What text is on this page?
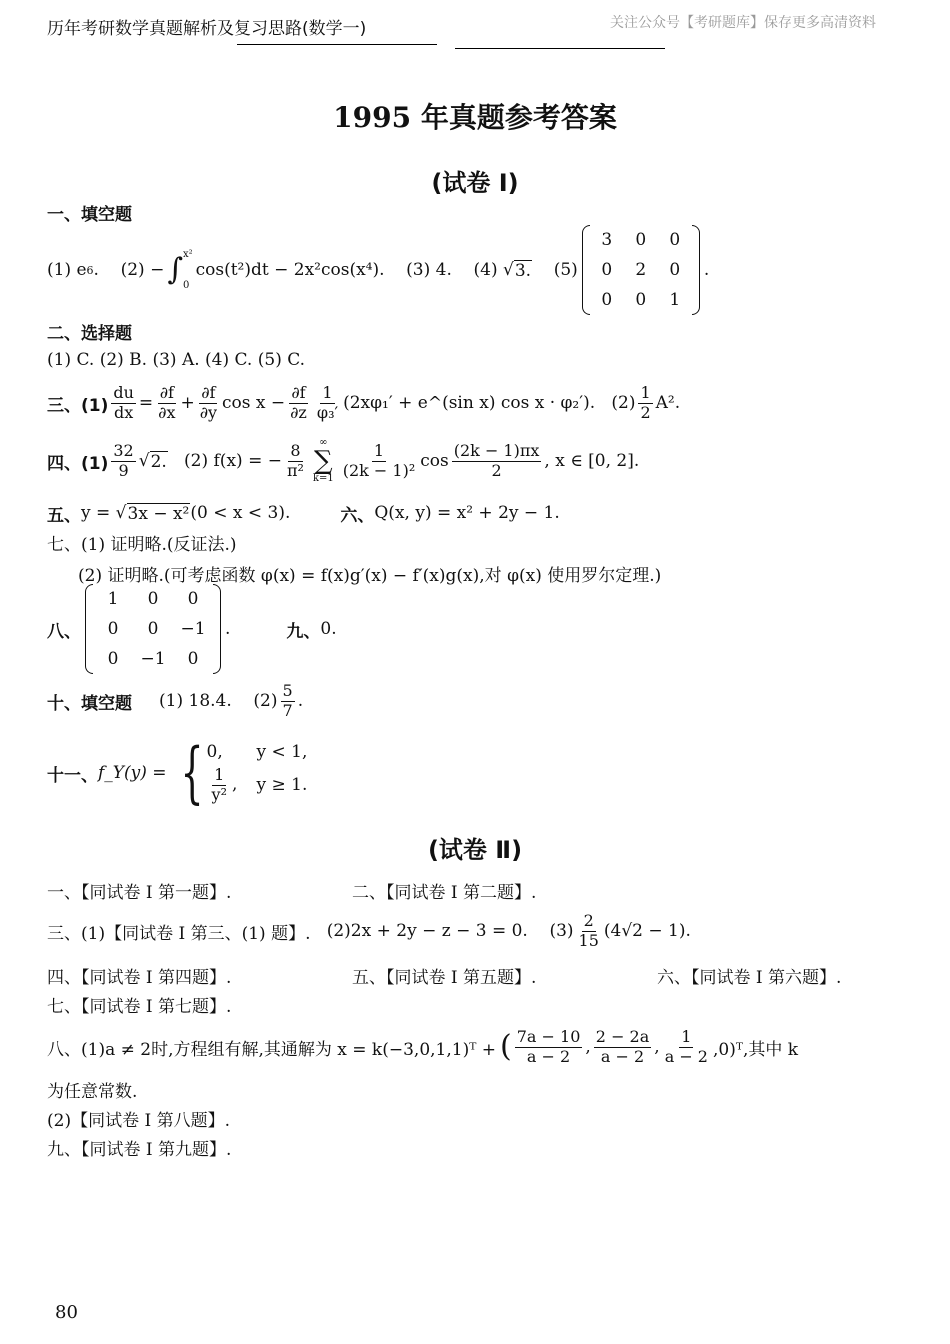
历年考研数学真题解析及复习思路(数学一)	关注公众号【考研题库】保存更多高清资料
1995 年真题参考答案
(试卷 Ⅰ)
一、填空题
(1) e 6 . (2) − ∫ x²
0
cos(t²)dt − 2x²cos(x⁴).
(3) 4.
(4) √ 3.
(5)
3	0	0
0	2	0
0	0	1
.
二、选择题
(1) C. (2) B. (3) A. (4) C. (5) C.
三、$(1) \frac{du}{dx} = \frac{\partial f}{\partial x} + \frac{\partial f}{\partial y}$ $\cos x - \frac{\partial f}{\partial z} \frac{1}{\text{φ₃′}} (2x\varphi_1'$ + e^(sin x) cos x · φ₂′).
$(2) \frac{1}{2} A^2$.
四、$(1) \frac{32}{9}$ √ 2.
(2) f(x) = − $\frac{8}{\text{π²}}$ ∞
∑
$k=1 \frac{1}{\text{(2k − 1)²}}$ $\cos \frac{(2k - 1)\pi x}{2}$ , x ∈ [0, 2].
五、 y = √ 3x − x² (0 < x < 3).	六、 Q(x, y) = x² + 2y − 1.
七、(1) 证明略.(反证法.)
(2) 证明略.(可考虑函数 φ(x) = f(x)g′(x) − f′(x)g(x),对 φ(x) 使用罗尔定理.)
八、
1	0	0
0	0	−1
0	−1	0
.	九、 0.
十、填空题
(1) 18.4.
$(2) \frac{5}{7}$ .
十一、 f_Y(y) = { 0,	y < 1,
$\frac{1}{\text{y²}}$ ,	y ≥ 1.
(试卷 Ⅱ)
一、【同试卷 Ⅰ 第一题】.	二、【同试卷 Ⅰ 第二题】.
三、(1)【同试卷 Ⅰ 第三、(1) 题】.
(2)2x + 2y − z − 3 = 0.
$(3) \frac{2}{15} (4√2 - 1)$.
四、【同试卷 Ⅰ 第四题】.	五、【同试卷 Ⅰ 第五题】.	六、【同试卷 Ⅰ 第六题】.
七、【同试卷 Ⅰ 第七题】.
八、(1)a ≠ 2时,方程组有解,其通解为 x = k(−3,0,1,1)ᵀ + ( $\frac{7a - 10}{a - 2}$ , $\frac{2 - 2a}{a - 2}$ , $\frac{1}{a - 2}$ ,0)ᵀ,其中 k
为任意常数.
(2)【同试卷 Ⅰ 第八题】.
九、【同试卷 Ⅰ 第九题】.
80
